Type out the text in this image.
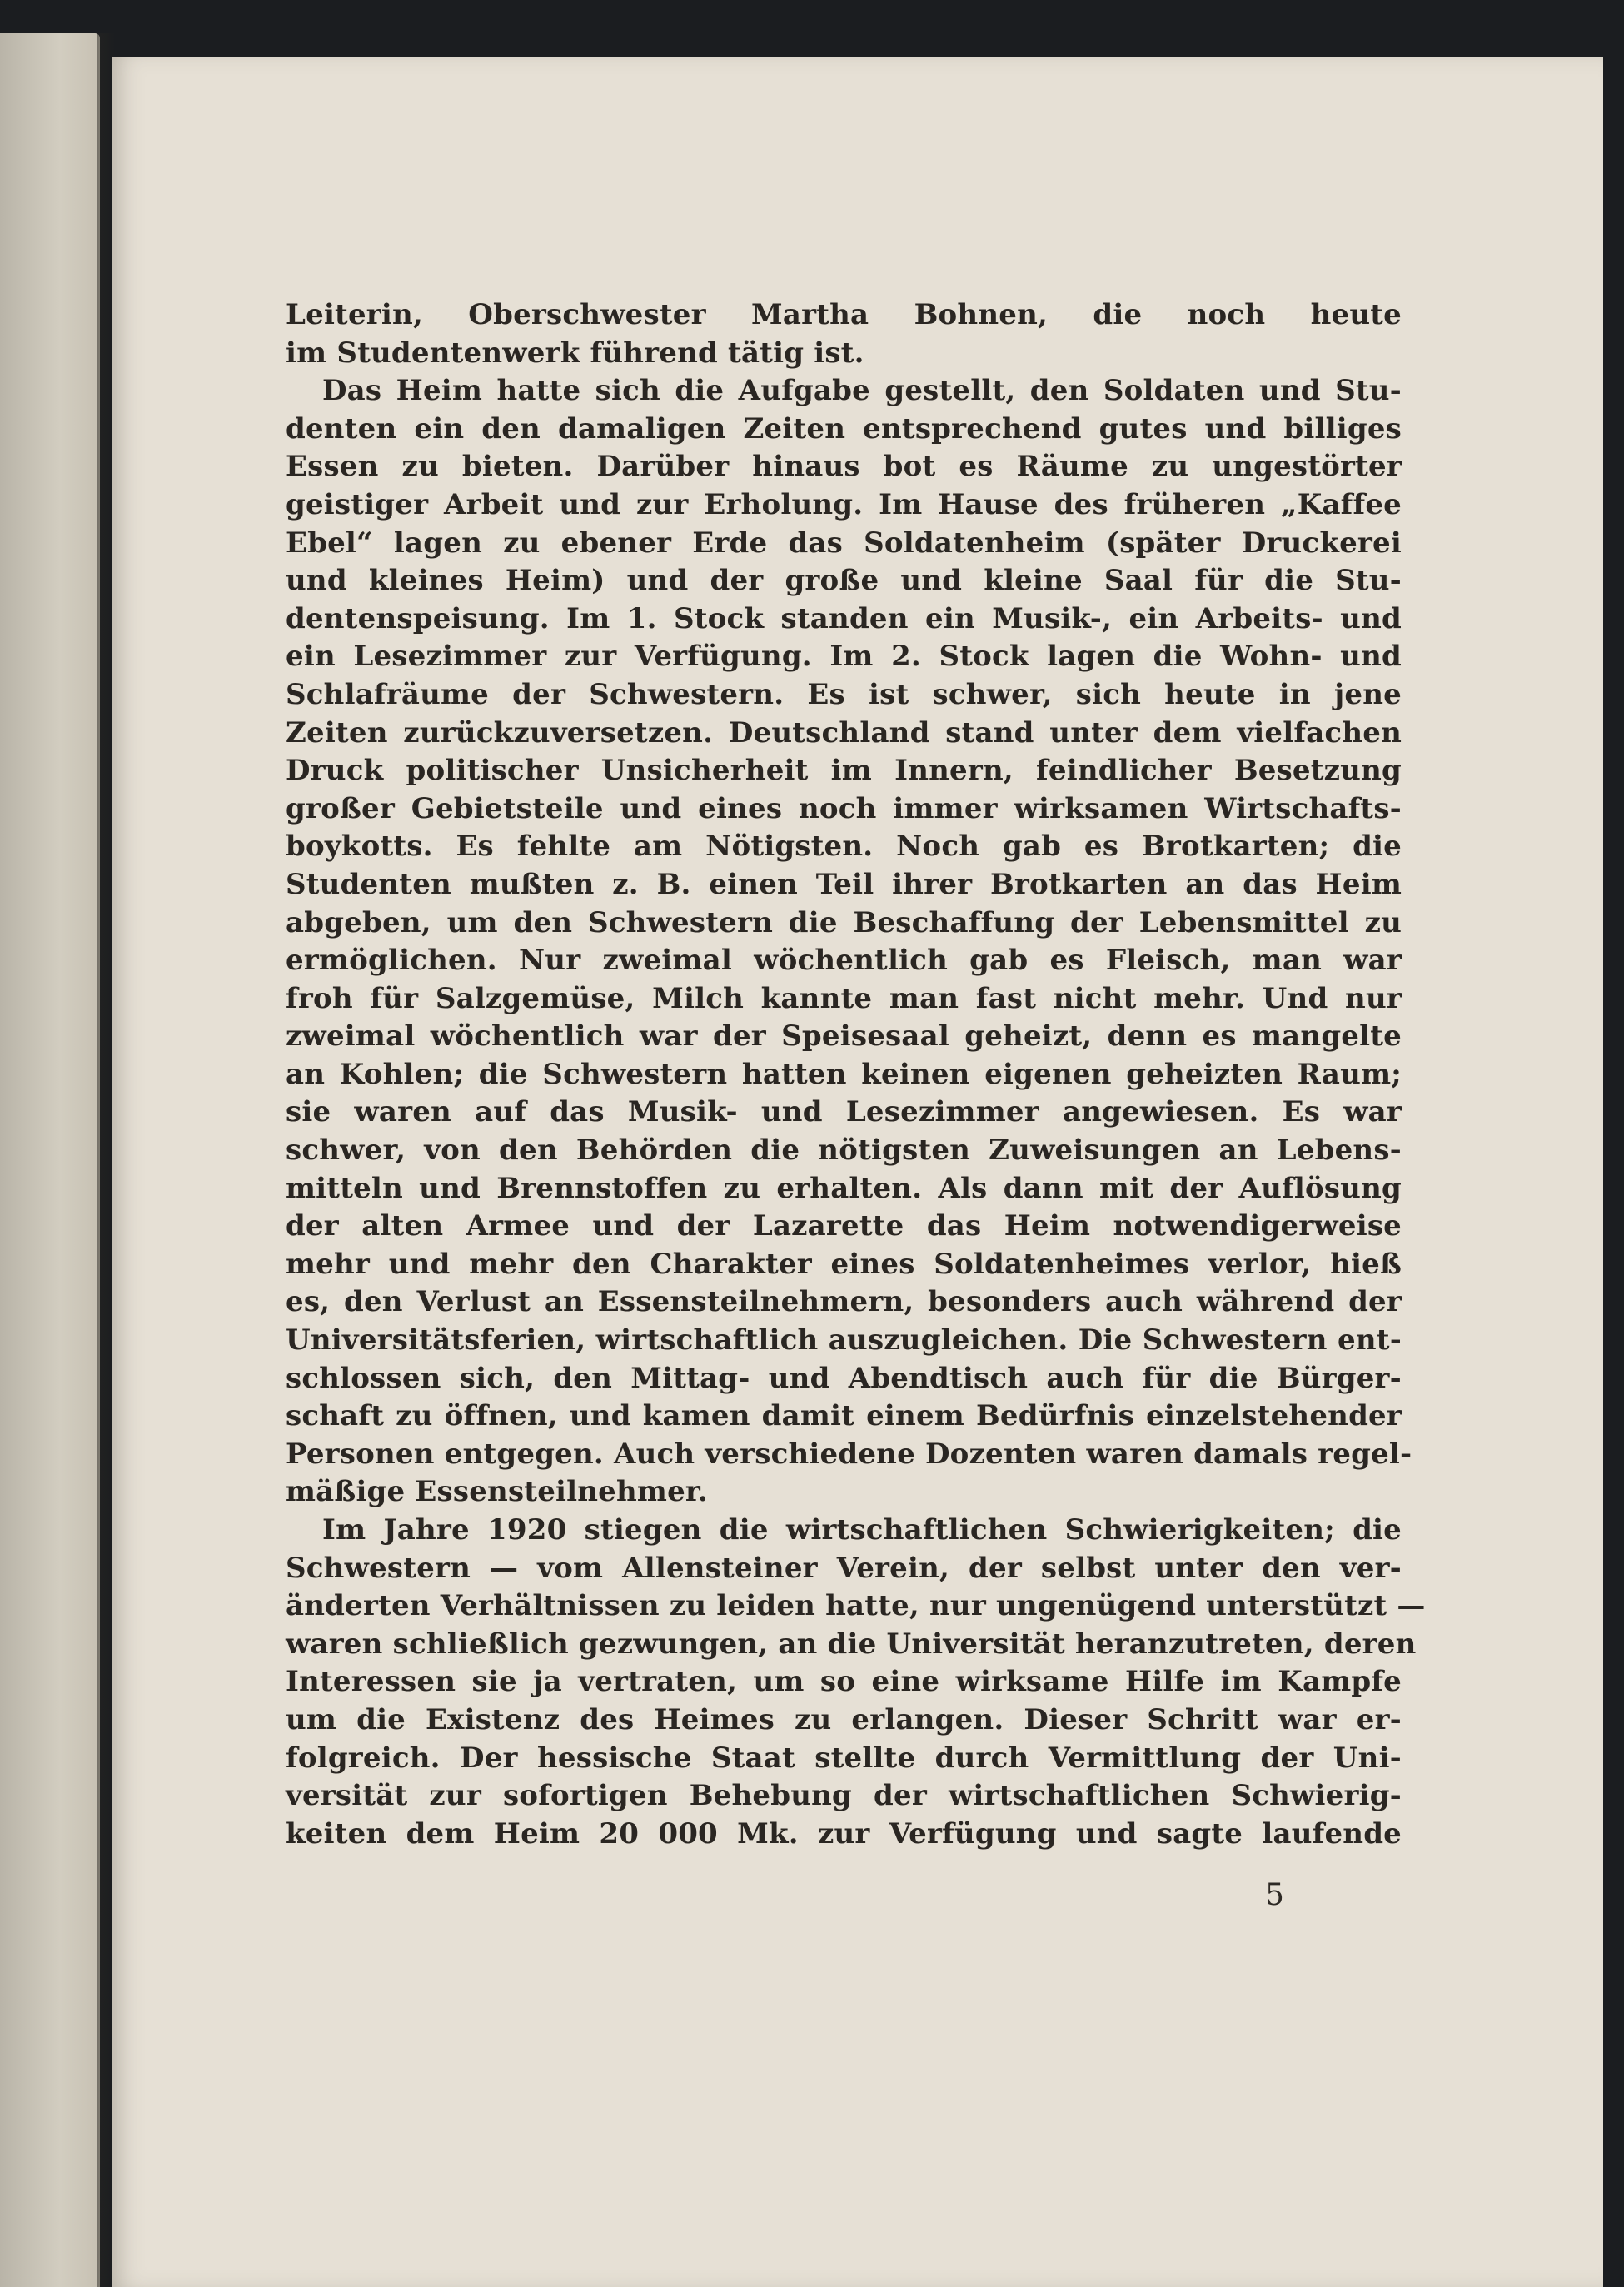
Leiterin, Oberschwester Martha Bohnen, die noch heute
im Studentenwerk führend tätig ist.
Das Heim hatte sich die Aufgabe gestellt, den Soldaten und Stu-
denten ein den damaligen Zeiten entsprechend gutes und billiges
Essen zu bieten. Darüber hinaus bot es Räume zu ungestörter
geistiger Arbeit und zur Erholung. Im Hause des früheren „Kaffee
Ebel“ lagen zu ebener Erde das Soldatenheim (später Druckerei
und kleines Heim) und der große und kleine Saal für die Stu-
dentenspeisung. Im 1. Stock standen ein Musik-, ein Arbeits- und
ein Lesezimmer zur Verfügung. Im 2. Stock lagen die Wohn- und
Schlafräume der Schwestern. Es ist schwer, sich heute in jene
Zeiten zurückzuversetzen. Deutschland stand unter dem vielfachen
Druck politischer Unsicherheit im Innern, feindlicher Besetzung
großer Gebietsteile und eines noch immer wirksamen Wirtschafts-
boykotts. Es fehlte am Nötigsten. Noch gab es Brotkarten; die
Studenten mußten z. B. einen Teil ihrer Brotkarten an das Heim
abgeben, um den Schwestern die Beschaffung der Lebensmittel zu
ermöglichen. Nur zweimal wöchentlich gab es Fleisch, man war
froh für Salzgemüse, Milch kannte man fast nicht mehr. Und nur
zweimal wöchentlich war der Speisesaal geheizt, denn es mangelte
an Kohlen; die Schwestern hatten keinen eigenen geheizten Raum;
sie waren auf das Musik- und Lesezimmer angewiesen. Es war
schwer, von den Behörden die nötigsten Zuweisungen an Lebens-
mitteln und Brennstoffen zu erhalten. Als dann mit der Auflösung
der alten Armee und der Lazarette das Heim notwendigerweise
mehr und mehr den Charakter eines Soldatenheimes verlor, hieß
es, den Verlust an Essensteilnehmern, besonders auch während der
Universitätsferien, wirtschaftlich auszugleichen. Die Schwestern ent-
schlossen sich, den Mittag- und Abendtisch auch für die Bürger-
schaft zu öffnen, und kamen damit einem Bedürfnis einzelstehender
Personen entgegen. Auch verschiedene Dozenten waren damals regel-
mäßige Essensteilnehmer.
Im Jahre 1920 stiegen die wirtschaftlichen Schwierigkeiten; die
Schwestern — vom Allensteiner Verein, der selbst unter den ver-
änderten Verhältnissen zu leiden hatte, nur ungenügend unterstützt —
waren schließlich gezwungen, an die Universität heranzutreten, deren
Interessen sie ja vertraten, um so eine wirksame Hilfe im Kampfe
um die Existenz des Heimes zu erlangen. Dieser Schritt war er-
folgreich. Der hessische Staat stellte durch Vermittlung der Uni-
versität zur sofortigen Behebung der wirtschaftlichen Schwierig-
keiten dem Heim 20 000 Mk. zur Verfügung und sagte laufende
5
